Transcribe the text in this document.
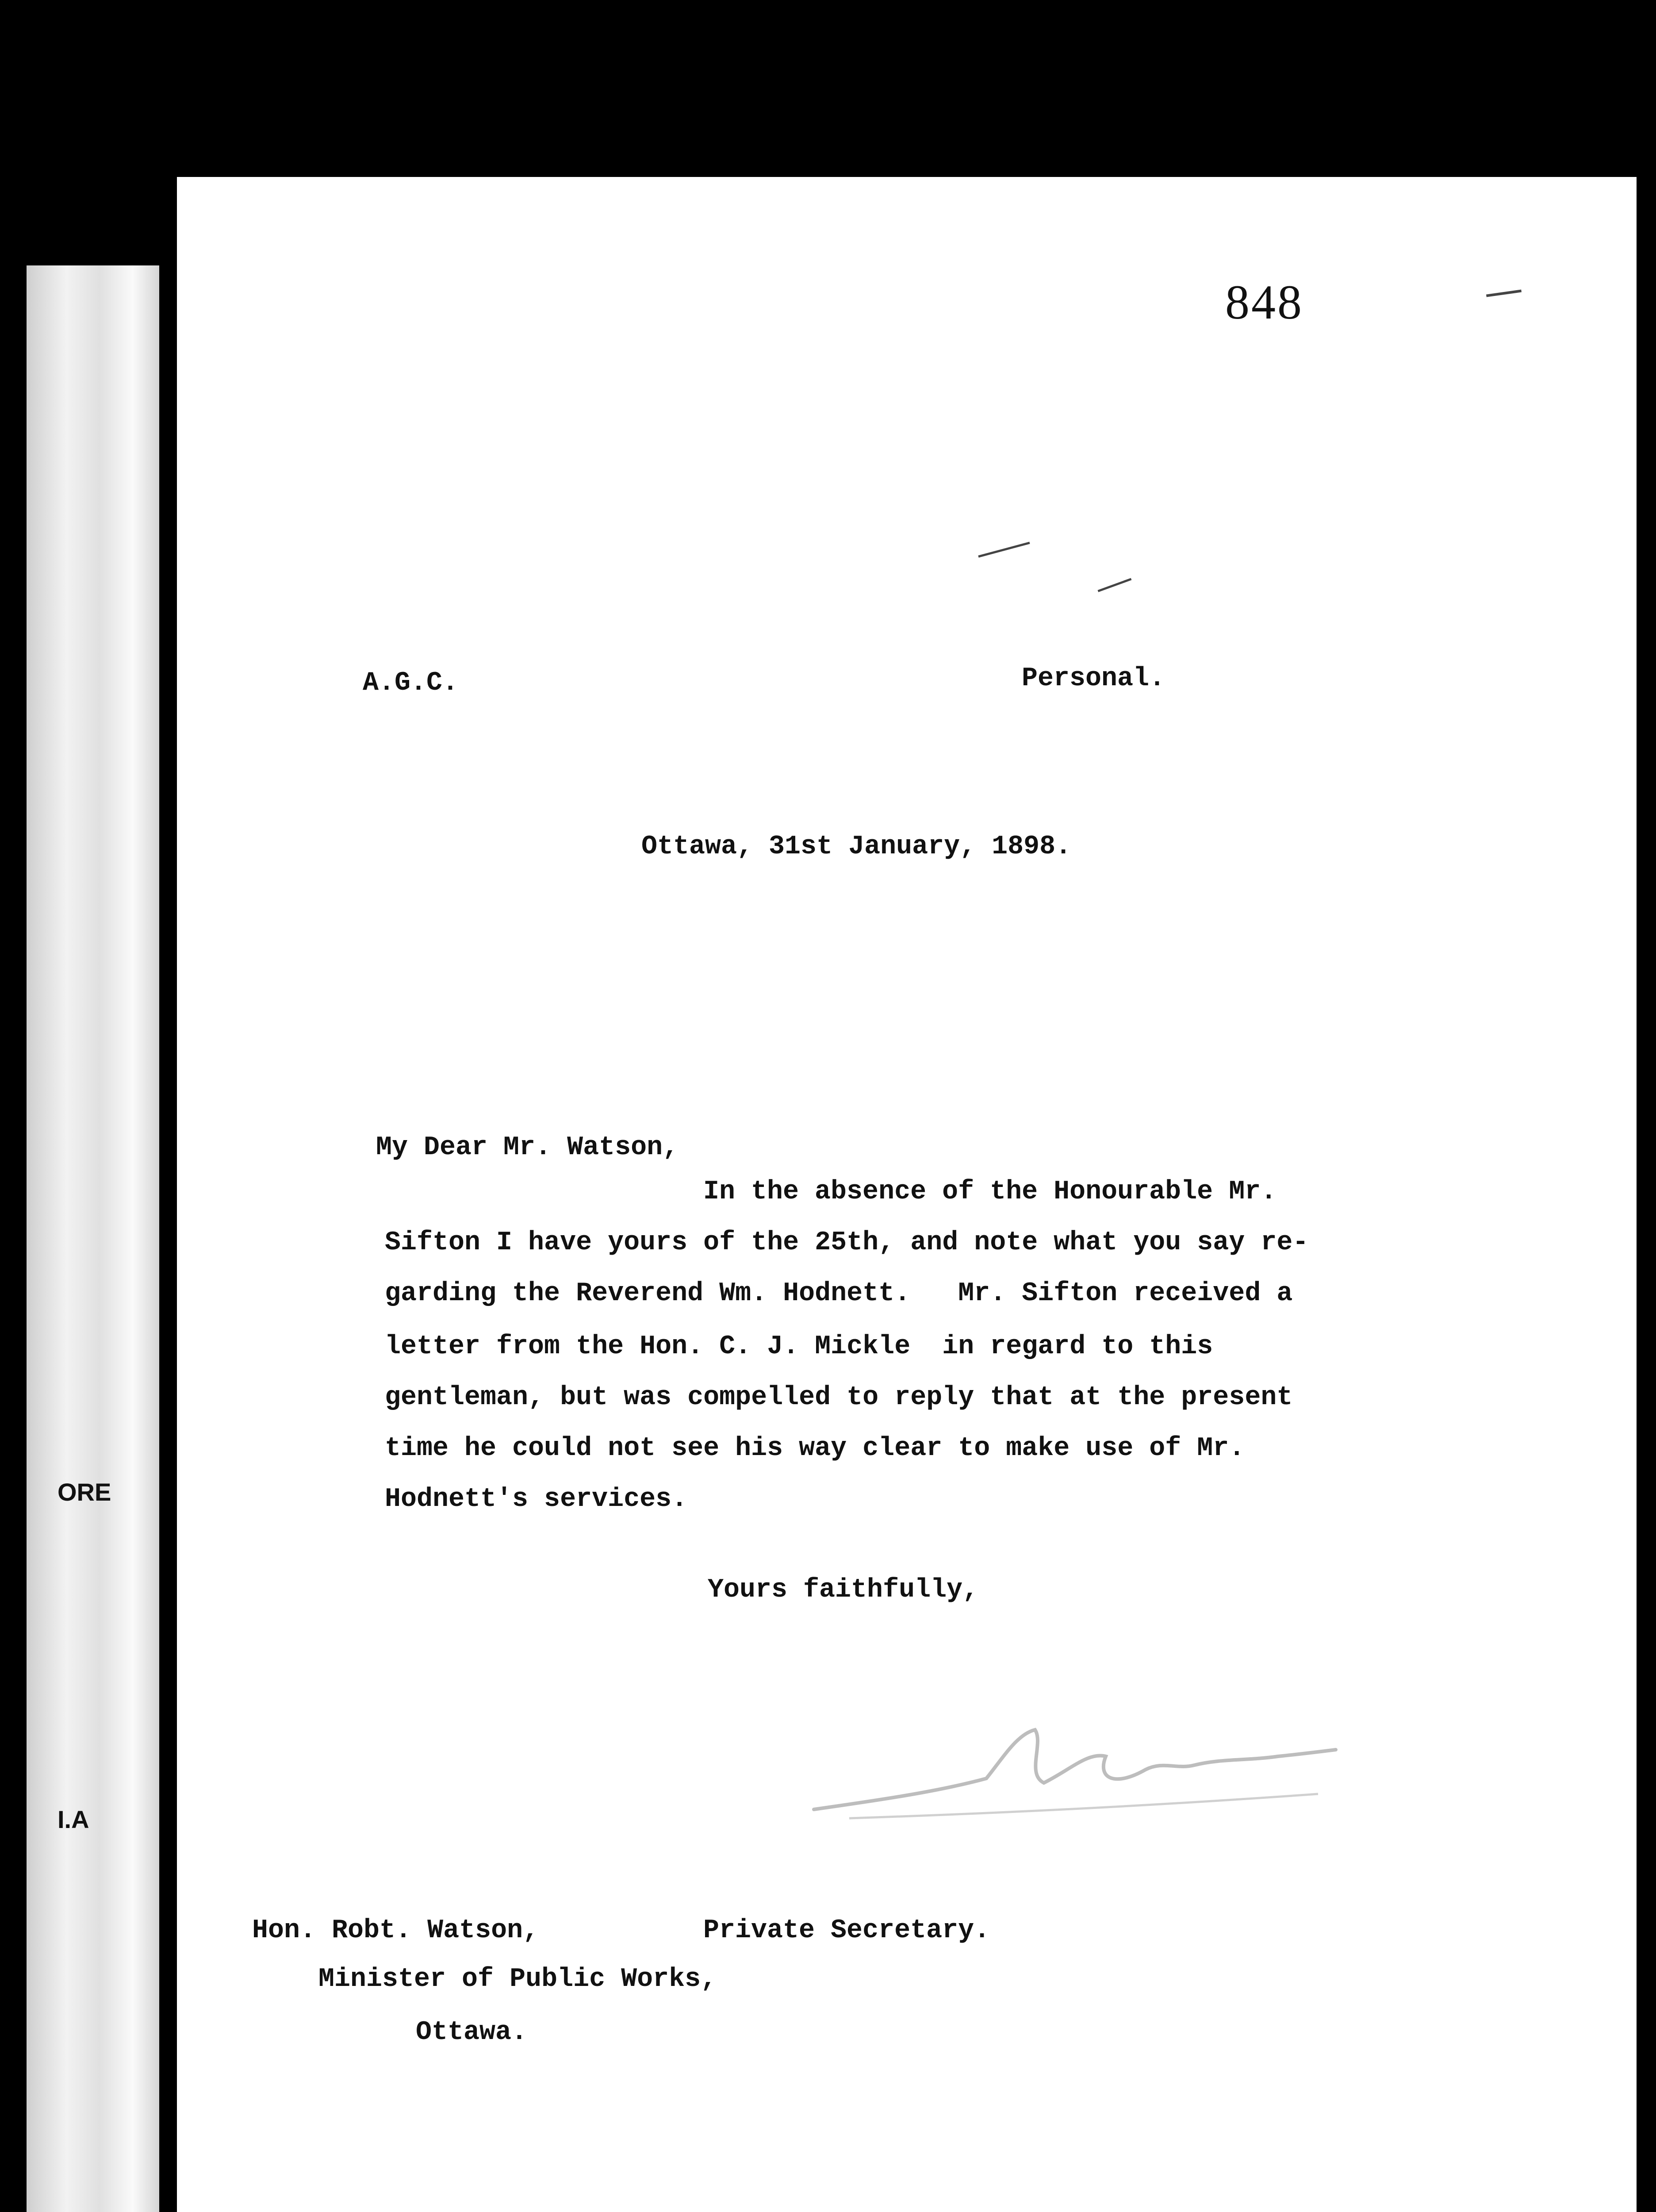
ORE
I.A
848
A.G.C.	Personal.
Ottawa, 31st January, 1898.
My Dear Mr. Watson,
In the absence of the Honourable Mr.
Sifton I have yours of the 25th, and note what you say re-
garding the Reverend Wm. Hodnett.   Mr. Sifton received a
letter from the Hon. C. J. Mickle  in regard to this
gentleman, but was compelled to reply that at the present
time he could not see his way clear to make use of Mr.
Hodnett's services.
Yours faithfully,
Private Secretary.
Hon. Robt. Watson,
Minister of Public Works,
Ottawa.
